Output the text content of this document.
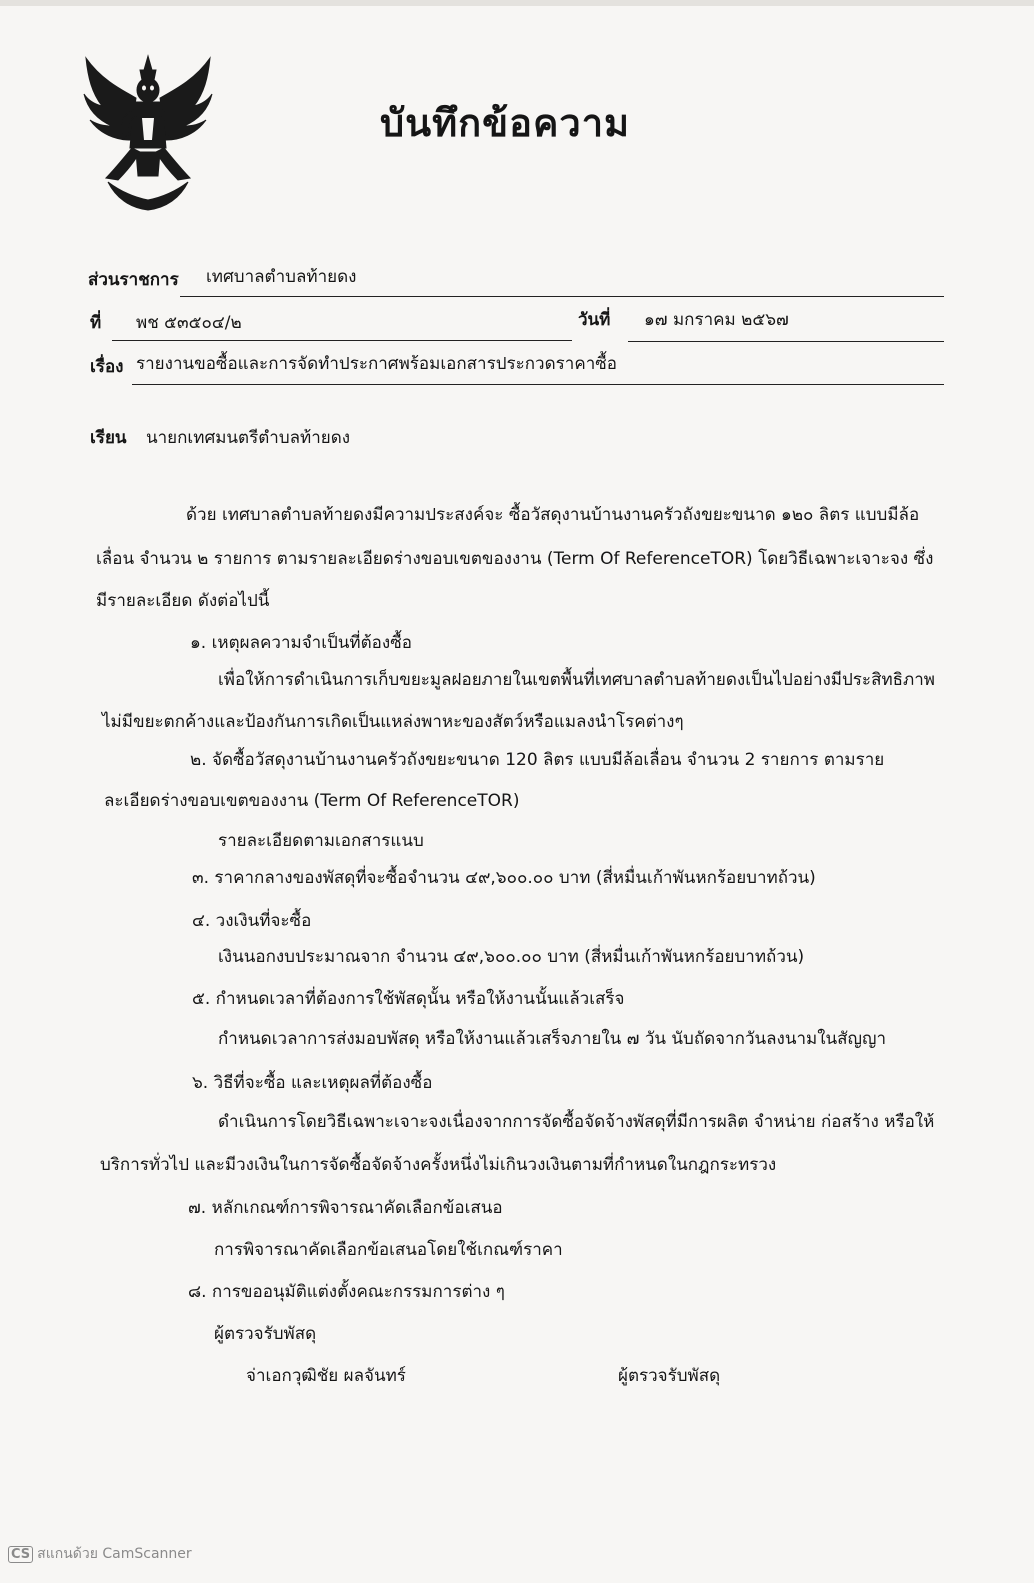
บันทึกข้อความ
ส่วนราชการ เทศบาลตำบลท้ายดง
ที่ พช ๕๓๕๐๔/๒	วันที่ ๑๗ มกราคม ๒๕๖๗
เรื่อง รายงานขอซื้อและการจัดทำประกาศพร้อมเอกสารประกวดราคาซื้อ
เรียน นายกเทศมนตรีตำบลท้ายดง
ด้วย เทศบาลตำบลท้ายดงมีความประสงค์จะ ซื้อวัสดุงานบ้านงานครัวถังขยะขนาด ๑๒๐ ลิตร แบบมีล้อ
เลื่อน จำนวน ๒ รายการ ตามรายละเอียดร่างขอบเขตของงาน (Term Of ReferenceTOR) โดยวิธีเฉพาะเจาะจง ซึ่ง
มีรายละเอียด ดังต่อไปนี้
๑. เหตุผลความจำเป็นที่ต้องซื้อ
เพื่อให้การดำเนินการเก็บขยะมูลฝอยภายในเขตพื้นที่เทศบาลตำบลท้ายดงเป็นไปอย่างมีประสิทธิภาพ
ไม่มีขยะตกค้างและป้องกันการเกิดเป็นแหล่งพาหะของสัตว์หรือแมลงนำโรคต่างๆ
๒. จัดซื้อวัสดุงานบ้านงานครัวถังขยะขนาด 120 ลิตร แบบมีล้อเลื่อน จำนวน 2 รายการ ตามราย
ละเอียดร่างขอบเขตของงาน (Term Of ReferenceTOR)
รายละเอียดตามเอกสารแนบ
๓. ราคากลางของพัสดุที่จะซื้อจำนวน ๔๙,๖๐๐.๐๐ บาท (สี่หมื่นเก้าพันหกร้อยบาทถ้วน)
๔. วงเงินที่จะซื้อ
เงินนอกงบประมาณจาก จำนวน ๔๙,๖๐๐.๐๐ บาท (สี่หมื่นเก้าพันหกร้อยบาทถ้วน)
๕. กำหนดเวลาที่ต้องการใช้พัสดุนั้น หรือให้งานนั้นแล้วเสร็จ
กำหนดเวลาการส่งมอบพัสดุ หรือให้งานแล้วเสร็จภายใน ๗ วัน นับถัดจากวันลงนามในสัญญา
๖. วิธีที่จะซื้อ และเหตุผลที่ต้องซื้อ
ดำเนินการโดยวิธีเฉพาะเจาะจงเนื่องจากการจัดซื้อจัดจ้างพัสดุที่มีการผลิต จำหน่าย ก่อสร้าง หรือให้
บริการทั่วไป และมีวงเงินในการจัดซื้อจัดจ้างครั้งหนึ่งไม่เกินวงเงินตามที่กำหนดในกฎกระทรวง
๗. หลักเกณฑ์การพิจารณาคัดเลือกข้อเสนอ
การพิจารณาคัดเลือกข้อเสนอโดยใช้เกณฑ์ราคา
๘. การขออนุมัติแต่งตั้งคณะกรรมการต่าง ๆ
ผู้ตรวจรับพัสดุ
จ่าเอกวุฒิชัย ผลจันทร์	ผู้ตรวจรับพัสดุ
CS สแกนด้วย CamScanner
